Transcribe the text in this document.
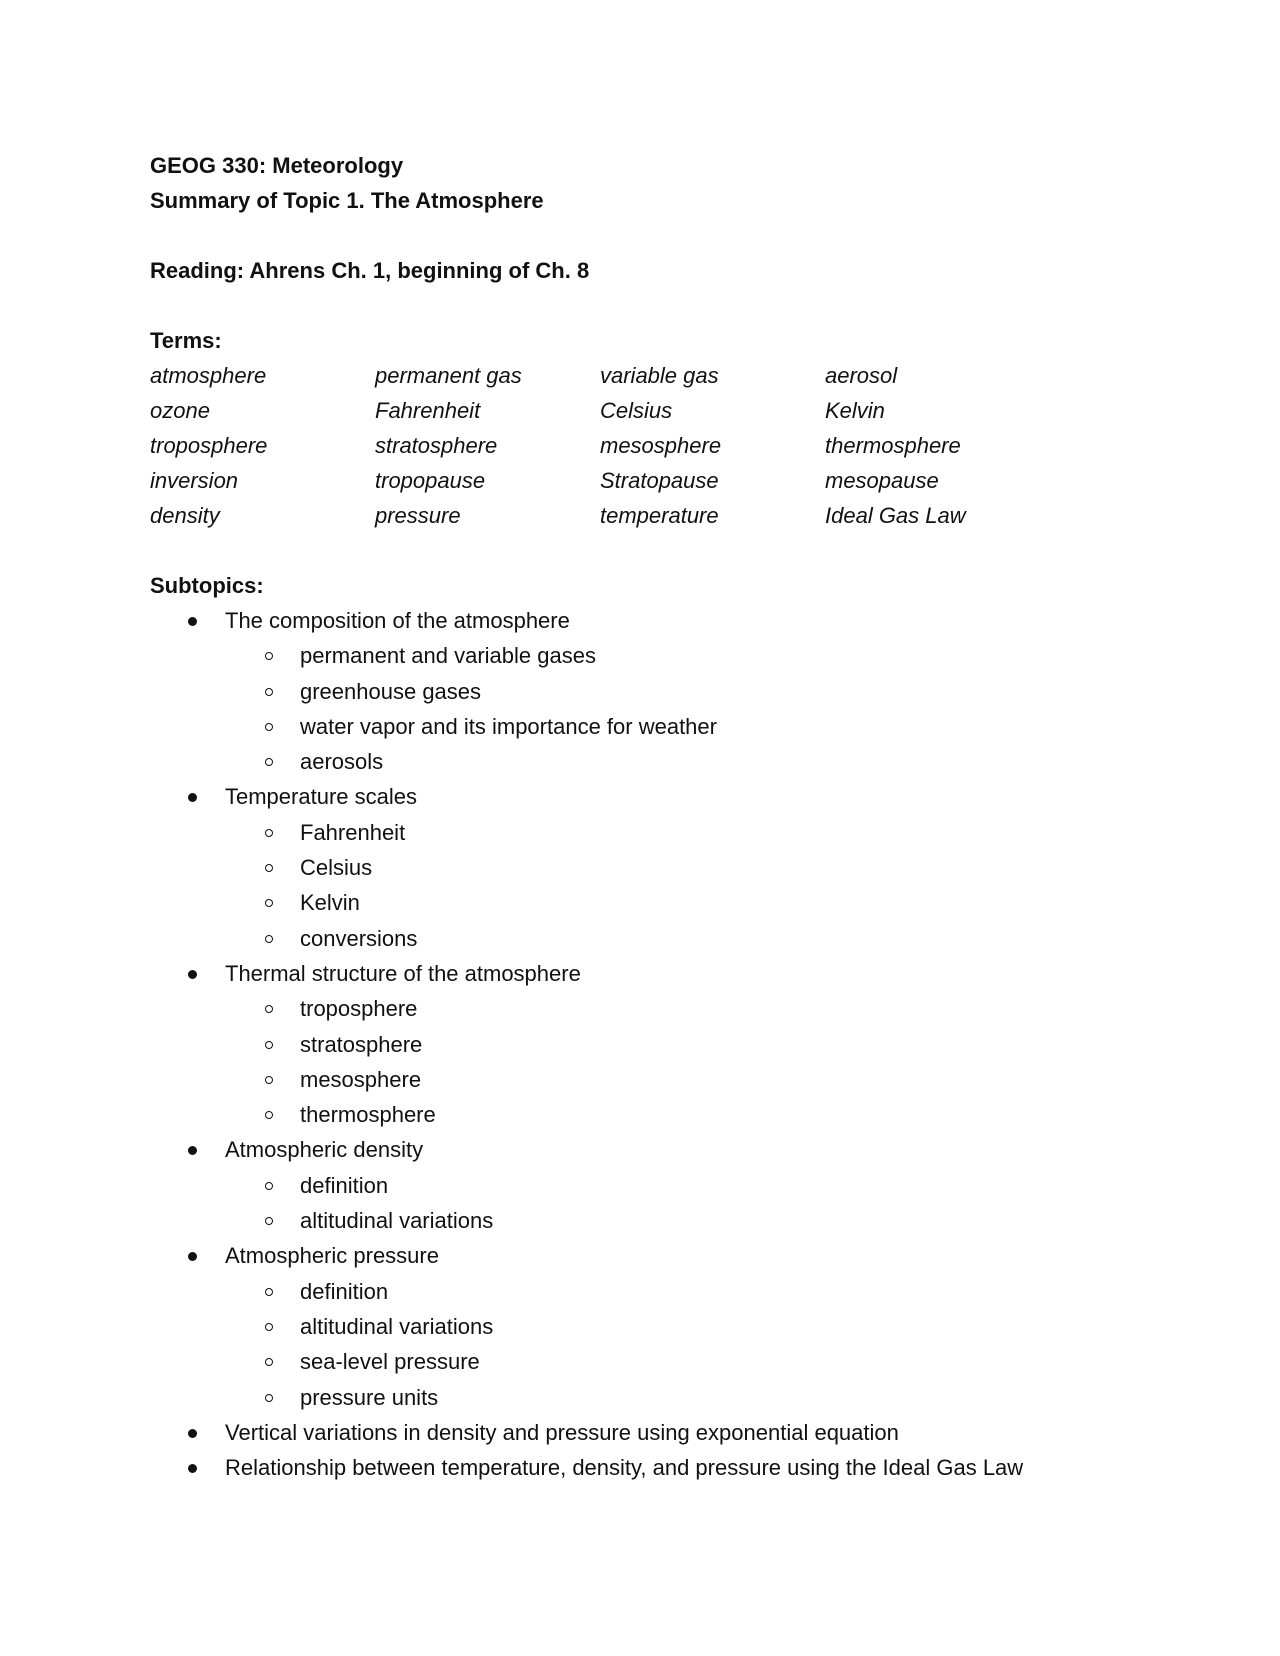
GEOG 330: Meteorology
Summary of Topic 1. The Atmosphere
Reading: Ahrens Ch. 1, beginning of Ch. 8
Terms:
atmosphere	permanent gas	variable gas	aerosol
ozone	Fahrenheit	Celsius	Kelvin
troposphere	stratosphere	mesosphere	thermosphere
inversion	tropopause	Stratopause	mesopause
density	pressure	temperature	Ideal Gas Law
Subtopics:
The composition of the atmosphere
permanent and variable gases
greenhouse gases
water vapor and its importance for weather
aerosols
Temperature scales
Fahrenheit
Celsius
Kelvin
conversions
Thermal structure of the atmosphere
troposphere
stratosphere
mesosphere
thermosphere
Atmospheric density
definition
altitudinal variations
Atmospheric pressure
definition
altitudinal variations
sea-level pressure
pressure units
Vertical variations in density and pressure using exponential equation
Relationship between temperature, density, and pressure using the Ideal Gas Law
